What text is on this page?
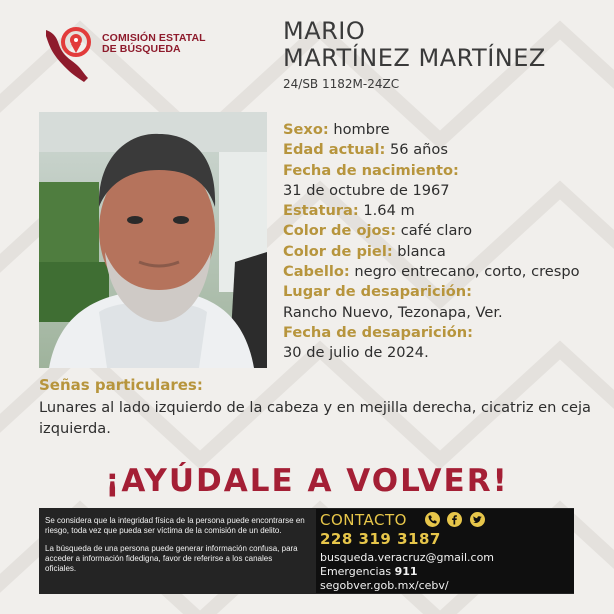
COMISIÓN ESTATAL
DE BÚSQUEDA
MARIO
MARTÍNEZ MARTÍNEZ
24/SB 1182M-24ZC
Sexo: hombre
Edad actual: 56 años
Fecha de nacimiento:
31 de octubre de 1967
Estatura: 1.64 m
Color de ojos: café claro
Color de piel: blanca
Cabello: negro entrecano, corto, crespo
Lugar de desaparición:
Rancho Nuevo, Tezonapa, Ver.
Fecha de desaparición:
30 de julio de 2024.
Señas particulares:
Lunares al lado izquierdo de la cabeza y en mejilla derecha, cicatriz en ceja izquierda.
¡AYÚDALE A VOLVER!

Se considera que la integridad física de la persona puede encontrarse en riesgo, toda vez que pueda ser víctima de la comisión de un delito.

La búsqueda de una persona puede generar información confusa, para acceder a información fidedigna, favor de referirse a los canales oficiales.

CONTACTO

228 319 3187
busqueda.veracruz@gmail.com
Emergencias 911
segobver.gob.mx/cebv/
